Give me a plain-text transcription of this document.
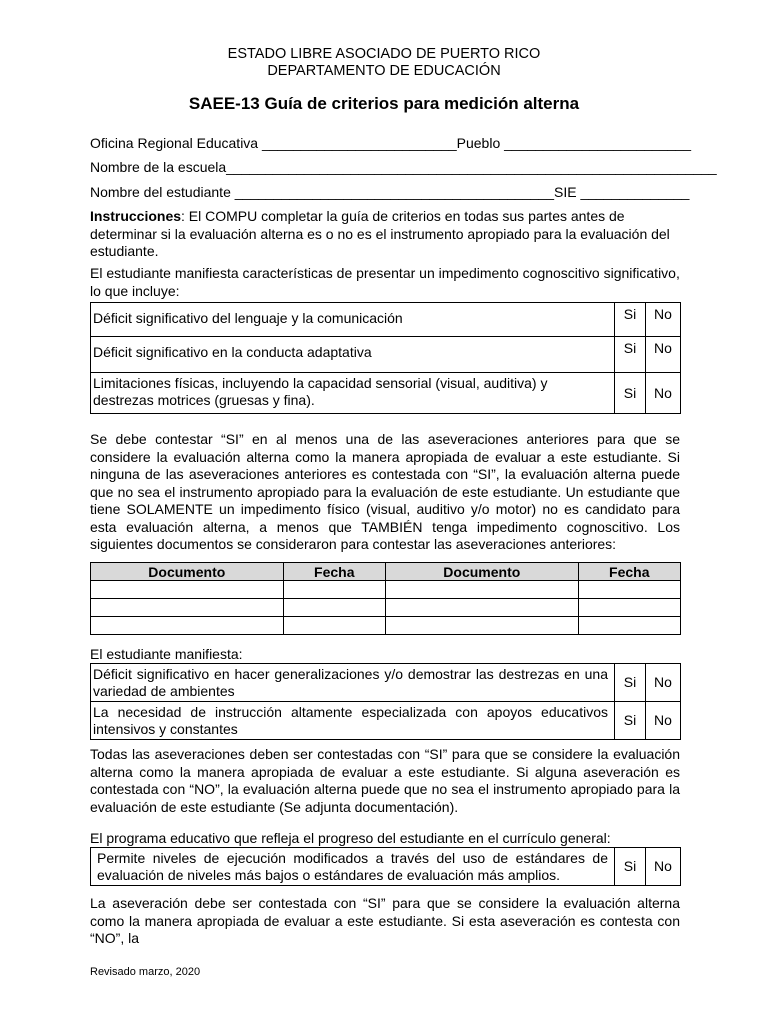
ESTADO LIBRE ASOCIADO DE PUERTO RICO
DEPARTAMENTO DE EDUCACIÓN
SAEE-13 Guía de criterios para medición alterna
Oficina Regional Educativa _________________________Pueblo ________________________
Nombre de la escuela_______________________________________________________________
Nombre del estudiante _________________________________________SIE ______________
Instrucciones: El COMPU completar la guía de criterios en todas sus partes antes de determinar si la evaluación alterna es o no es el instrumento apropiado para la evaluación del estudiante.
El estudiante manifiesta características de presentar un impedimento cognoscitivo significativo, lo que incluye:
Déficit significativo del lenguaje y la comunicación	Si	No
Déficit significativo en la conducta adaptativa	Si	No
Limitaciones físicas, incluyendo la capacidad sensorial (visual, auditiva) y destrezas motrices (gruesas y fina).	Si	No
Se debe contestar “SI” en al menos una de las aseveraciones anteriores para que se considere la evaluación alterna como la manera apropiada de evaluar a este estudiante. Si ninguna de las aseveraciones anteriores es contestada con “SI”, la evaluación alterna puede que no sea el instrumento apropiado para la evaluación de este estudiante. Un estudiante que tiene SOLAMENTE un impedimento físico (visual, auditivo y/o motor) no es candidato para esta evaluación alterna, a menos que TAMBIÉN tenga impedimento cognoscitivo. Los siguientes documentos se consideraron para contestar las aseveraciones anteriores:
Documento	Fecha	Documento	Fecha

El estudiante manifiesta:
Déficit significativo en hacer generalizaciones y/o demostrar las destrezas en una variedad de ambientes	Si	No
La necesidad de instrucción altamente especializada con apoyos educativos intensivos y constantes	Si	No
Todas las aseveraciones deben ser contestadas con “SI” para que se considere la evaluación alterna como la manera apropiada de evaluar a este estudiante. Si alguna aseveración es contestada con “NO”, la evaluación alterna puede que no sea el instrumento apropiado para la evaluación de este estudiante (Se adjunta documentación).
El programa educativo que refleja el progreso del estudiante en el currículo general:
Permite niveles de ejecución modificados a través del uso de estándares de evaluación de niveles más bajos o estándares de evaluación más amplios.	Si	No
La aseveración debe ser contestada con “SI” para que se considere la evaluación alterna como la manera apropiada de evaluar a este estudiante. Si esta aseveración es contesta con “NO”, la
Revisado marzo, 2020
